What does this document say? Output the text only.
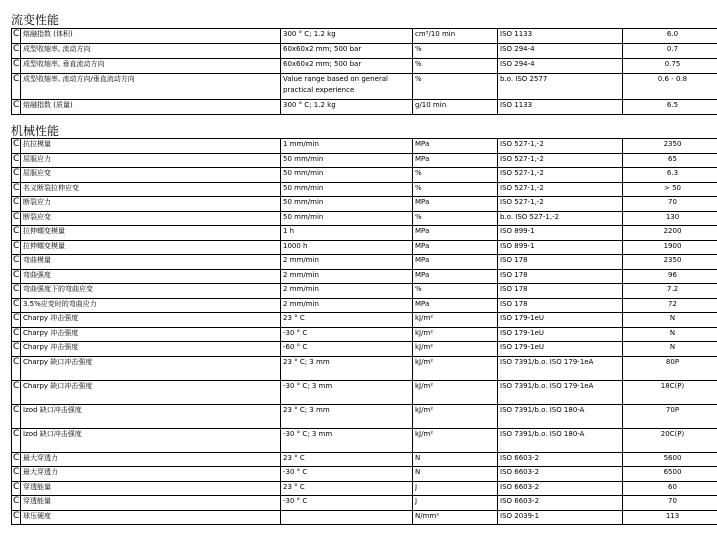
流变性能
C	熔融指数 (体积)	300 ° C; 1.2 kg	cm³/10 min	ISO 1133	6.0
C	成型收缩率, 流动方向	60x60x2 mm; 500 bar	%	ISO 294-4	0.7
C	成型收缩率, 垂直流动方向	60x60x2 mm; 500 bar	%	ISO 294-4	0.75
C	成型收缩率, 流动方向/垂直流动方向	Value range based on general practical experience	%	b.o. ISO 2577	0.6 - 0.8
C	熔融指数 (质量)	300 ° C; 1.2 kg	g/10 min	ISO 1133	6.5
机械性能
C	抗拉模量	1 mm/min	MPa	ISO 527-1,-2	2350
C	屈服应力	50 mm/min	MPa	ISO 527-1,-2	65
C	屈服应变	50 mm/min	%	ISO 527-1,-2	6.3
C	名义断裂拉伸应变	50 mm/min	%	ISO 527-1,-2	> 50
C	断裂应力	50 mm/min	MPa	ISO 527-1,-2	70
C	断裂应变	50 mm/min	%	b.o. ISO 527-1,-2	130
C	拉伸蠕变模量	1 h	MPa	ISO 899-1	2200
C	拉伸蠕变模量	1000 h	MPa	ISO 899-1	1900
C	弯曲模量	2 mm/min	MPa	ISO 178	2350
C	弯曲强度	2 mm/min	MPa	ISO 178	96
C	弯曲强度下的弯曲应变	2 mm/min	%	ISO 178	7.2
C	3.5%应变时的弯曲应力	2 mm/min	MPa	ISO 178	72
C	Charpy 冲击强度	23 ° C	kJ/m²	ISO 179-1eU	N
C	Charpy 冲击强度	-30 ° C	kJ/m²	ISO 179-1eU	N
C	Charpy 冲击强度	-60 ° C	kJ/m²	ISO 179-1eU	N
C	Charpy 缺口冲击强度	23 ° C; 3 mm	kJ/m²	ISO 7391/b.o. ISO 179-1eA	80P
C	Charpy 缺口冲击强度	-30 ° C; 3 mm	kJ/m²	ISO 7391/b.o. ISO 179-1eA	18C(P)
C	Izod 缺口冲击强度	23 ° C; 3 mm	kJ/m²	ISO 7391/b.o. ISO 180-A	70P
C	Izod 缺口冲击强度	-30 ° C; 3 mm	kJ/m²	ISO 7391/b.o. ISO 180-A	20C(P)
C	最大穿透力	23 ° C	N	ISO 6603-2	5600
C	最大穿透力	-30 ° C	N	ISO 6603-2	6500
C	穿透能量	23 ° C	J	ISO 6603-2	60
C	穿透能量	-30 ° C	J	ISO 6603-2	70
C	球压硬度		N/mm²	ISO 2039-1	113
